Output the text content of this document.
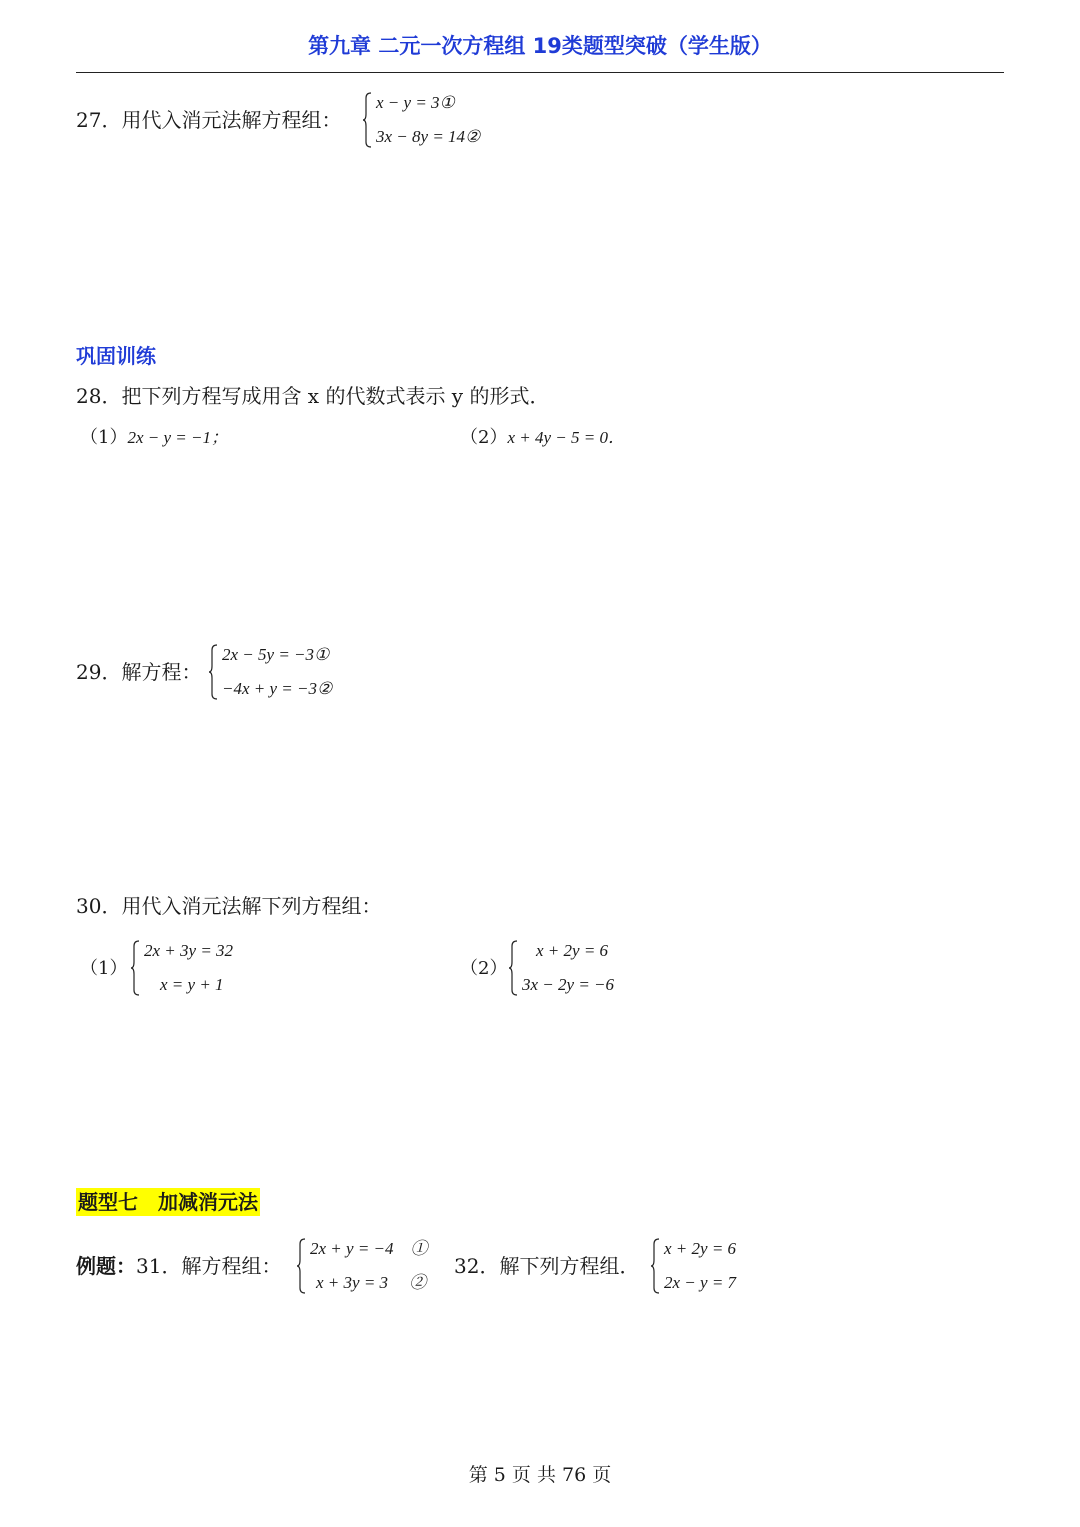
第九章 二元一次方程组 19类题型突破（学生版）
27．用代入消元法解方程组：
x − y = 3①
3x − 8y = 14②
巩固训练
28．把下列方程写成用含 x 的代数式表示 y 的形式．
（1）2x − y = −1；	（2）x + 4y − 5 = 0．
29．解方程：
2x − 5y = −3①
−4x + y = −3②
30．用代入消元法解下列方程组：
（1）
2x + 3y = 32
x = y + 1
（2）
x + 2y = 6
3x − 2y = −6
题型七　加减消元法
例题：31．解方程组：
2x + y = −4　①
x + 3y = 3　 ②
32．解下列方程组．
x + 2y = 6
2x − y = 7
第 5 页 共 76 页
